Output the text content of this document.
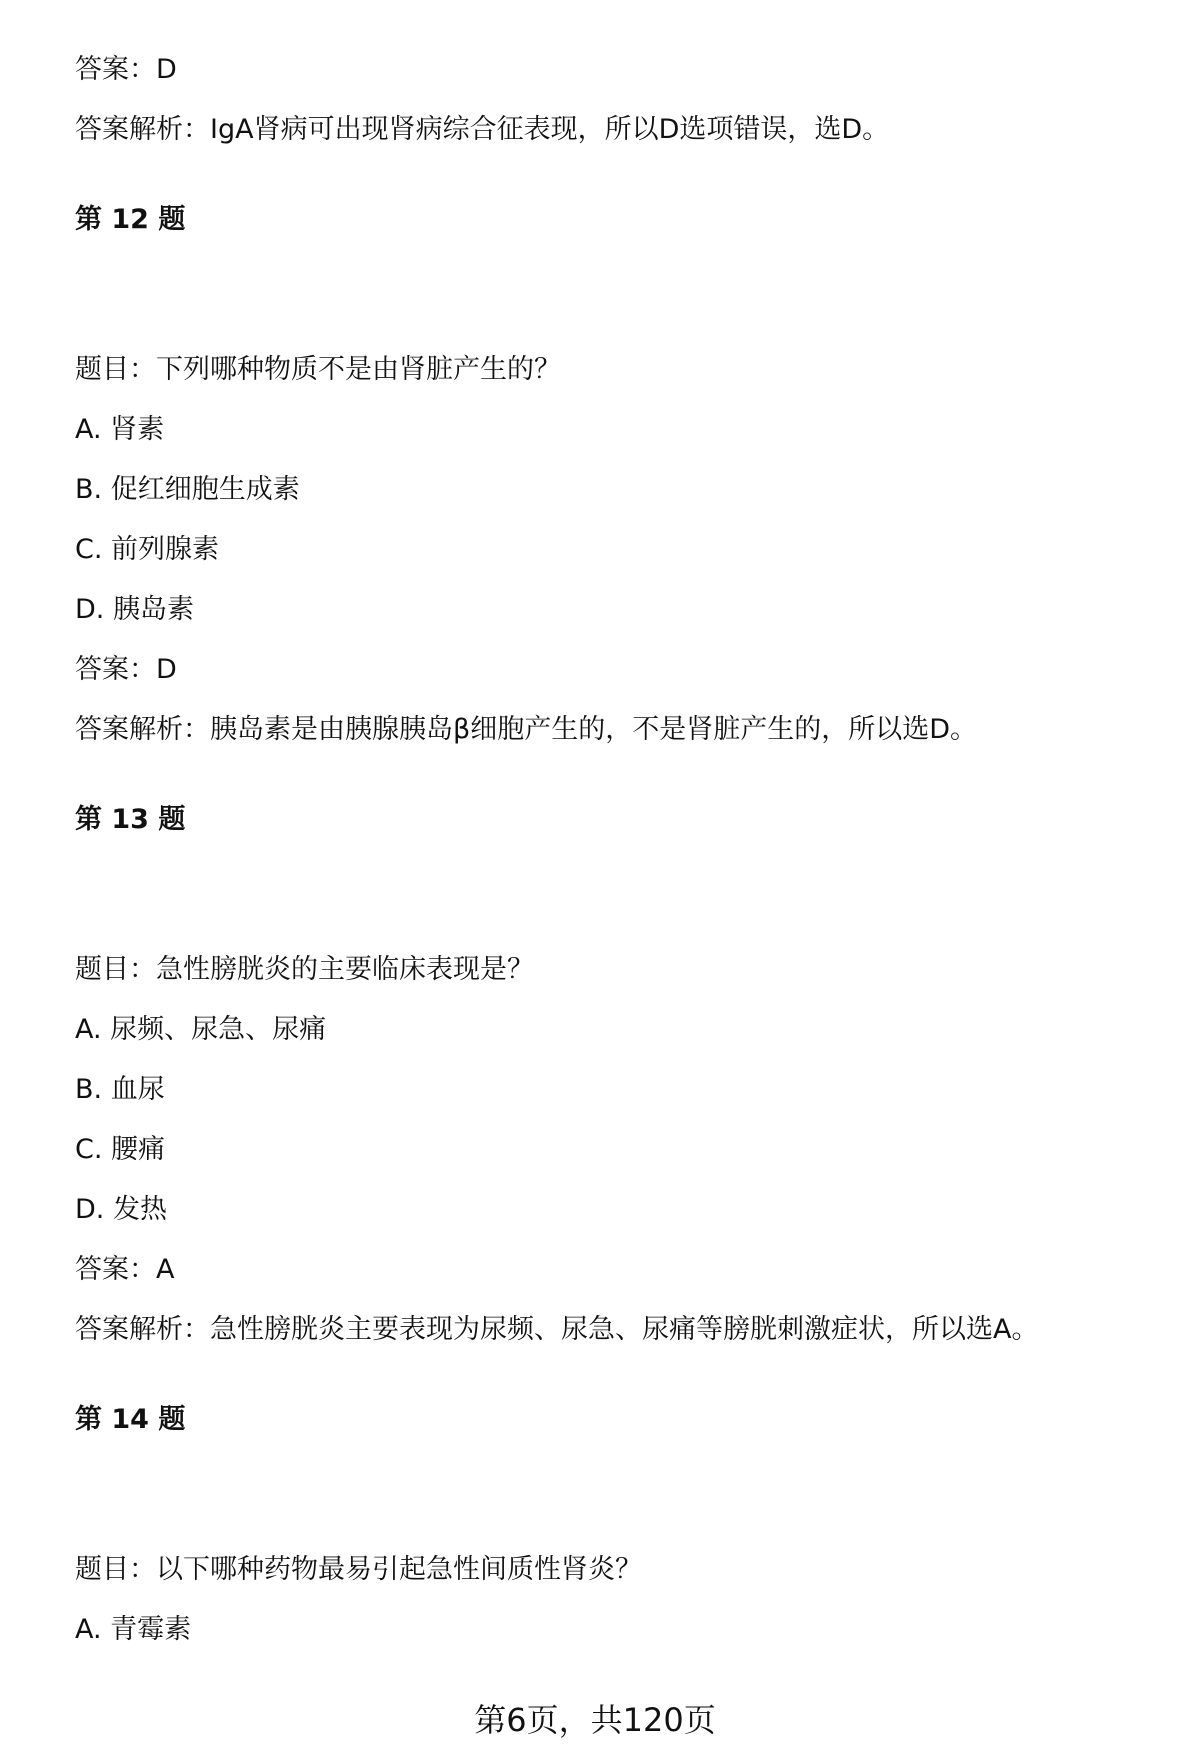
答案：D
答案解析：IgA肾病可出现肾病综合征表现，所以D选项错误，选D。
第 12 题
题目：下列哪种物质不是由肾脏产生的？
A. 肾素
B. 促红细胞生成素
C. 前列腺素
D. 胰岛素
答案：D
答案解析：胰岛素是由胰腺胰岛β细胞产生的，不是肾脏产生的，所以选D。
第 13 题
题目：急性膀胱炎的主要临床表现是？
A. 尿频、尿急、尿痛
B. 血尿
C. 腰痛
D. 发热
答案：A
答案解析：急性膀胱炎主要表现为尿频、尿急、尿痛等膀胱刺激症状，所以选A。
第 14 题
题目：以下哪种药物最易引起急性间质性肾炎？
A. 青霉素
第6页，共120页
